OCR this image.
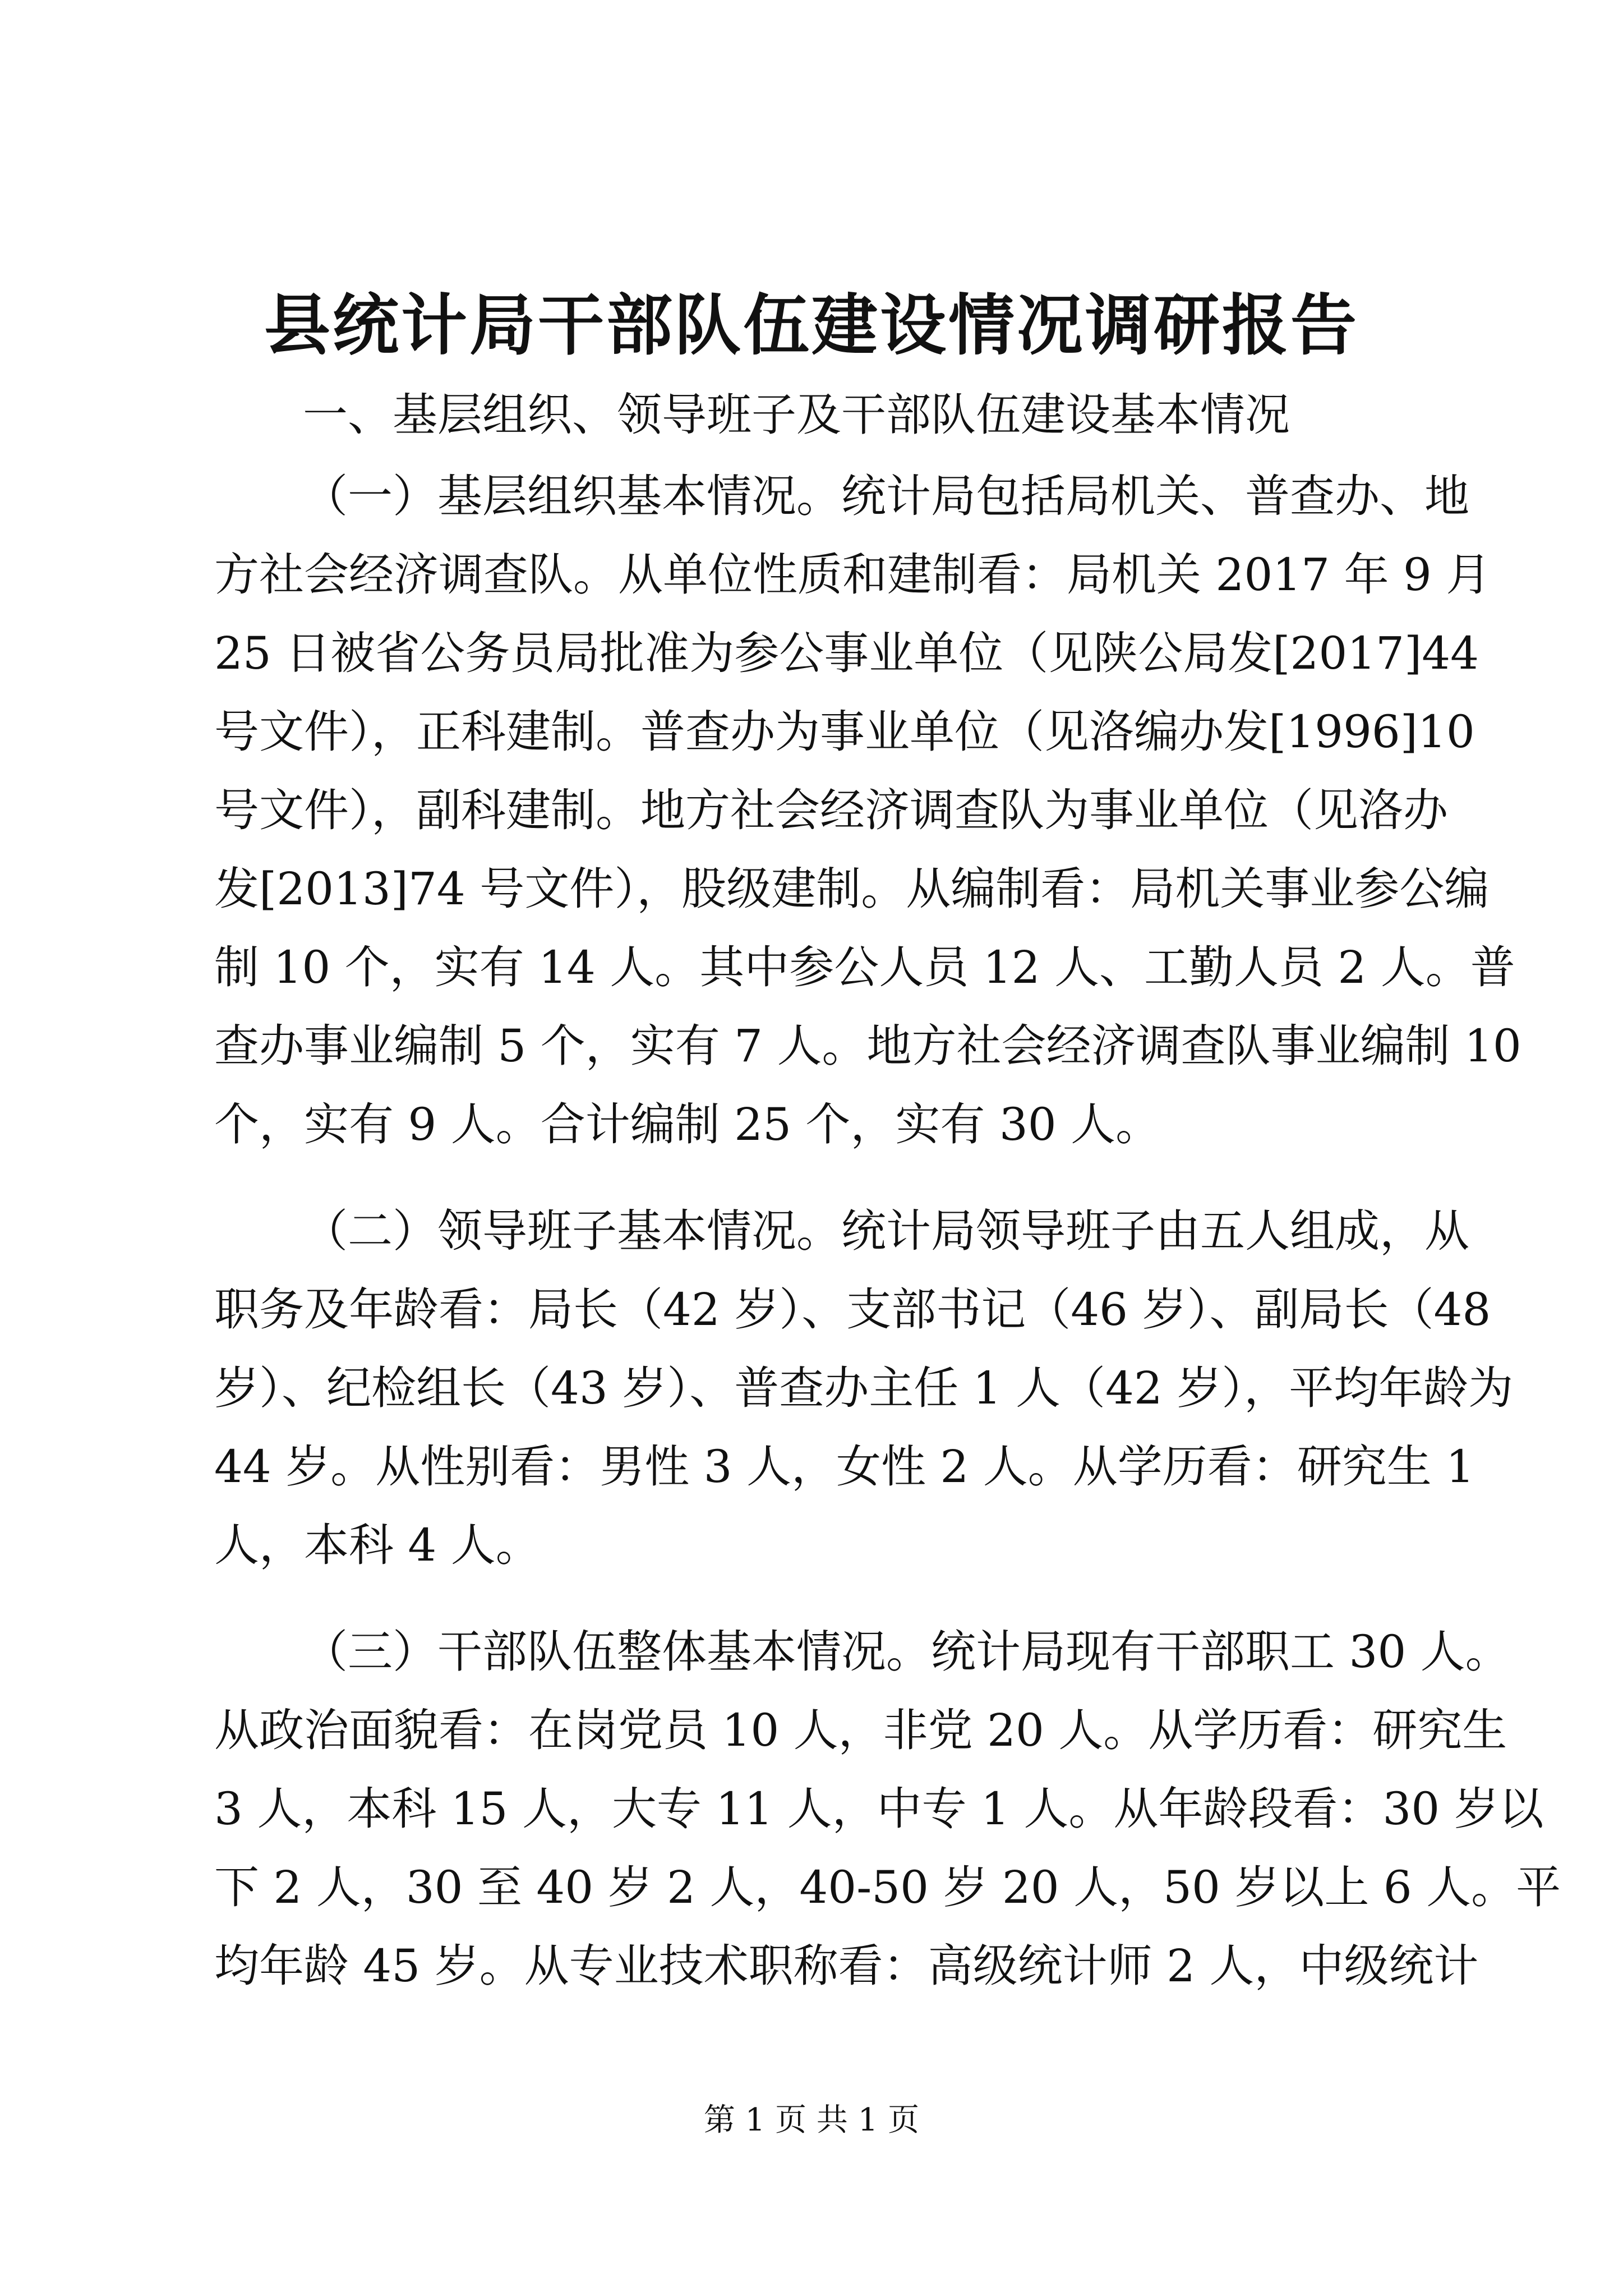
县统计局干部队伍建设情况调研报告

一、基层组织、领导班子及干部队伍建设基本情况

（一）基层组织基本情况。统计局包括局机关、普查办、地

方社会经济调查队。从单位性质和建制看：局机关 2017 年 9 月

25 日被省公务员局批准为参公事业单位（见陕公局发[2017]44

号文件），正科建制。普查办为事业单位（见洛编办发[1996]10

号文件），副科建制。地方社会经济调查队为事业单位（见洛办

发[2013]74 号文件），股级建制。从编制看：局机关事业参公编

制 10 个，实有 14 人。其中参公人员 12 人、工勤人员 2 人。普

查办事业编制 5 个，实有 7 人。地方社会经济调查队事业编制 10

个，实有 9 人。合计编制 25 个，实有 30 人。

（二）领导班子基本情况。统计局领导班子由五人组成，从

职务及年龄看：局长（42 岁）、支部书记（46 岁）、副局长（48

岁）、纪检组长（43 岁）、普查办主任 1 人（42 岁），平均年龄为

44 岁。从性别看：男性 3 人，女性 2 人。从学历看：研究生 1

人，本科 4 人。

（三）干部队伍整体基本情况。统计局现有干部职工 30 人。

从政治面貌看：在岗党员 10 人，非党 20 人。从学历看：研究生

3 人，本科 15 人，大专 11 人，中专 1 人。从年龄段看：30 岁以

下 2 人，30 至 40 岁 2 人，40-50 岁 20 人，50 岁以上 6 人。平

均年龄 45 岁。从专业技术职称看：高级统计师 2 人，中级统计

第 1 页 共 1 页
